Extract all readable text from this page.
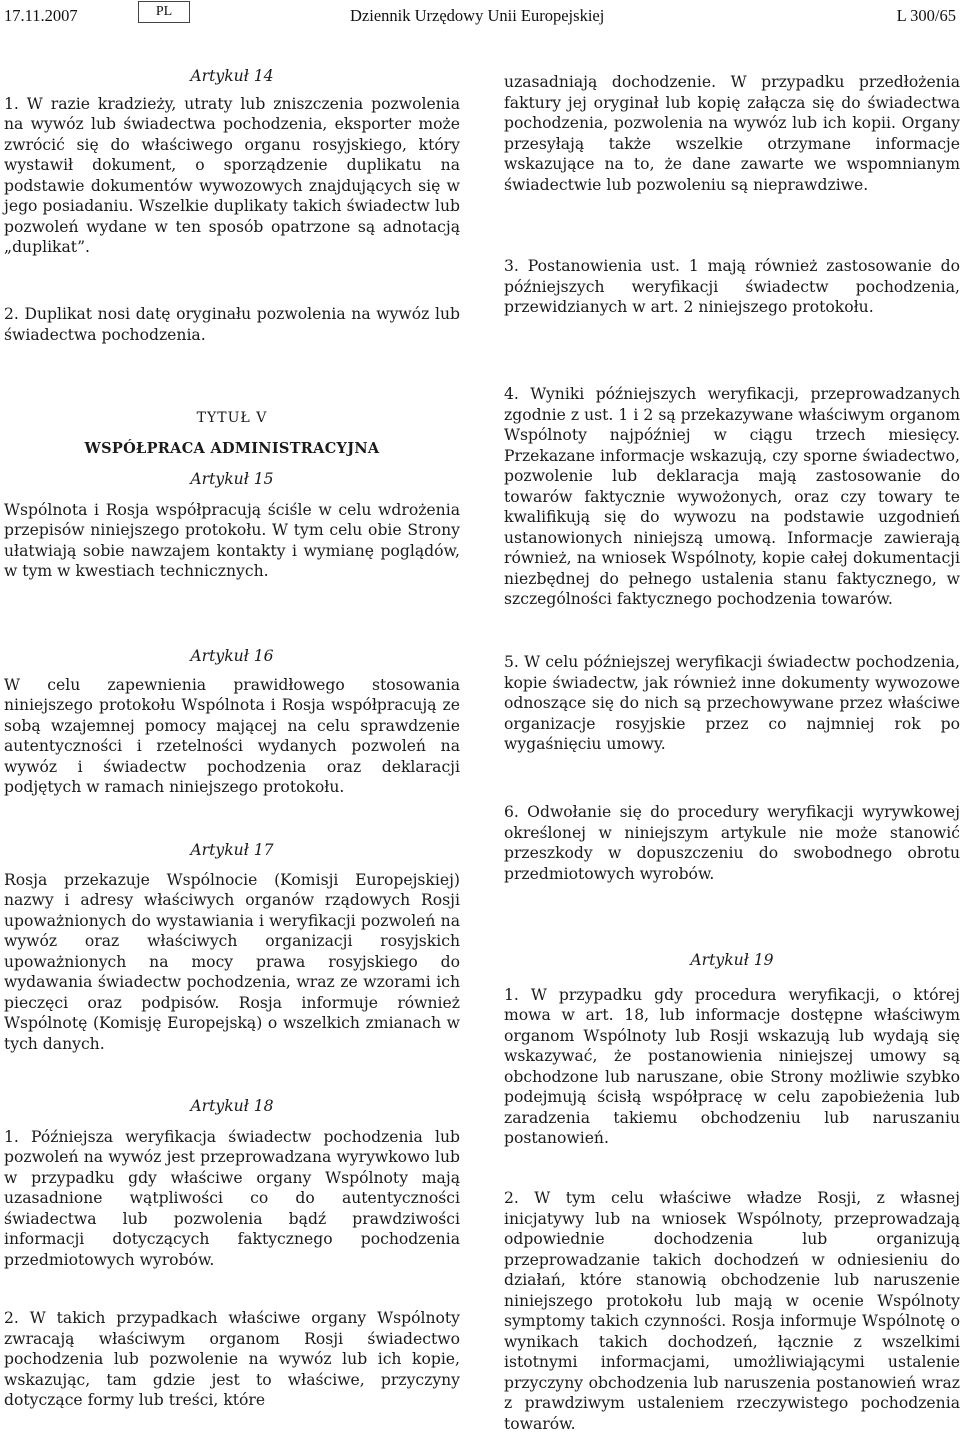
17.11.2007	PL	Dziennik Urzędowy Unii Europejskiej	L 300/65

Artykuł 14

1. W razie kradzieży, utraty lub zniszczenia pozwolenia na wywóz lub świadectwa pochodzenia, eksporter może zwrócić się do właściwego organu rosyjskiego, który wystawił dokument, o sporządzenie duplikatu na podstawie dokumentów wywozowych znajdujących się w jego posiadaniu. Wszelkie duplikaty takich świadectw lub pozwoleń wydane w ten sposób opatrzone są adnotacją „duplikat”.

2. Duplikat nosi datę oryginału pozwolenia na wywóz lub świadectwa pochodzenia.

TYTUŁ V

WSPÓŁPRACA ADMINISTRACYJNA

Artykuł 15

Wspólnota i Rosja współpracują ściśle w celu wdrożenia przepisów niniejszego protokołu. W tym celu obie Strony ułatwiają sobie nawzajem kontakty i wymianę poglądów, w tym w kwestiach technicznych.

Artykuł 16

W celu zapewnienia prawidłowego stosowania niniejszego protokołu Wspólnota i Rosja współpracują ze sobą wzajemnej pomocy mającej na celu sprawdzenie autentyczności i rzetelności wydanych pozwoleń na wywóz i świadectw pochodzenia oraz deklaracji podjętych w ramach niniejszego protokołu.

Artykuł 17

Rosja przekazuje Wspólnocie (Komisji Europejskiej) nazwy i adresy właściwych organów rządowych Rosji upoważnionych do wystawiania i weryfikacji pozwoleń na wywóz oraz właściwych organizacji rosyjskich upoważnionych na mocy prawa rosyjskiego do wydawania świadectw pochodzenia, wraz ze wzorami ich pieczęci oraz podpisów. Rosja informuje również Wspólnotę (Komisję Europejską) o wszelkich zmianach w tych danych.

Artykuł 18

1. Późniejsza weryfikacja świadectw pochodzenia lub pozwoleń na wywóz jest przeprowadzana wyrywkowo lub w przypadku gdy właściwe organy Wspólnoty mają uzasadnione wątpliwości co do autentyczności świadectwa lub pozwolenia bądź prawdziwości informacji dotyczących faktycznego pochodzenia przedmiotowych wyrobów.

2. W takich przypadkach właściwe organy Wspólnoty zwracają właściwym organom Rosji świadectwo pochodzenia lub pozwolenie na wywóz lub ich kopie, wskazując, tam gdzie jest to właściwe, przyczyny dotyczące formy lub treści, które

uzasadniają dochodzenie. W przypadku przedłożenia faktury jej oryginał lub kopię załącza się do świadectwa pochodzenia, pozwolenia na wywóz lub ich kopii. Organy przesyłają także wszelkie otrzymane informacje wskazujące na to, że dane zawarte we wspomnianym świadectwie lub pozwoleniu są nieprawdziwe.

3. Postanowienia ust. 1 mają również zastosowanie do późniejszych weryfikacji świadectw pochodzenia, przewidzianych w art. 2 niniejszego protokołu.

4. Wyniki późniejszych weryfikacji, przeprowadzanych zgodnie z ust. 1 i 2 są przekazywane właściwym organom Wspólnoty najpóźniej w ciągu trzech miesięcy. Przekazane informacje wskazują, czy sporne świadectwo, pozwolenie lub deklaracja mają zastosowanie do towarów faktycznie wywożonych, oraz czy towary te kwalifikują się do wywozu na podstawie uzgodnień ustanowionych niniejszą umową. Informacje zawierają również, na wniosek Wspólnoty, kopie całej dokumentacji niezbędnej do pełnego ustalenia stanu faktycznego, w szczególności faktycznego pochodzenia towarów.

5. W celu późniejszej weryfikacji świadectw pochodzenia, kopie świadectw, jak również inne dokumenty wywozowe odnoszące się do nich są przechowywane przez właściwe organizacje rosyjskie przez co najmniej rok po wygaśnięciu umowy.

6. Odwołanie się do procedury weryfikacji wyrywkowej określonej w niniejszym artykule nie może stanowić przeszkody w dopuszczeniu do swobodnego obrotu przedmiotowych wyrobów.

Artykuł 19

1. W przypadku gdy procedura weryfikacji, o której mowa w art. 18, lub informacje dostępne właściwym organom Wspólnoty lub Rosji wskazują lub wydają się wskazywać, że postanowienia niniejszej umowy są obchodzone lub naruszane, obie Strony możliwie szybko podejmują ścisłą współpracę w celu zapobieżenia lub zaradzenia takiemu obchodzeniu lub naruszaniu postanowień.

2. W tym celu właściwe władze Rosji, z własnej inicjatywy lub na wniosek Wspólnoty, przeprowadzają odpowiednie dochodzenia lub organizują przeprowadzanie takich dochodzeń w odniesieniu do działań, które stanowią obchodzenie lub naruszenie niniejszego protokołu lub mają w ocenie Wspólnoty symptomy takich czynności. Rosja informuje Wspólnotę o wynikach takich dochodzeń, łącznie z wszelkimi istotnymi informacjami, umożliwiającymi ustalenie przyczyny obchodzenia lub naruszenia postanowień wraz z prawdziwym ustaleniem rzeczywistego pochodzenia towarów.
